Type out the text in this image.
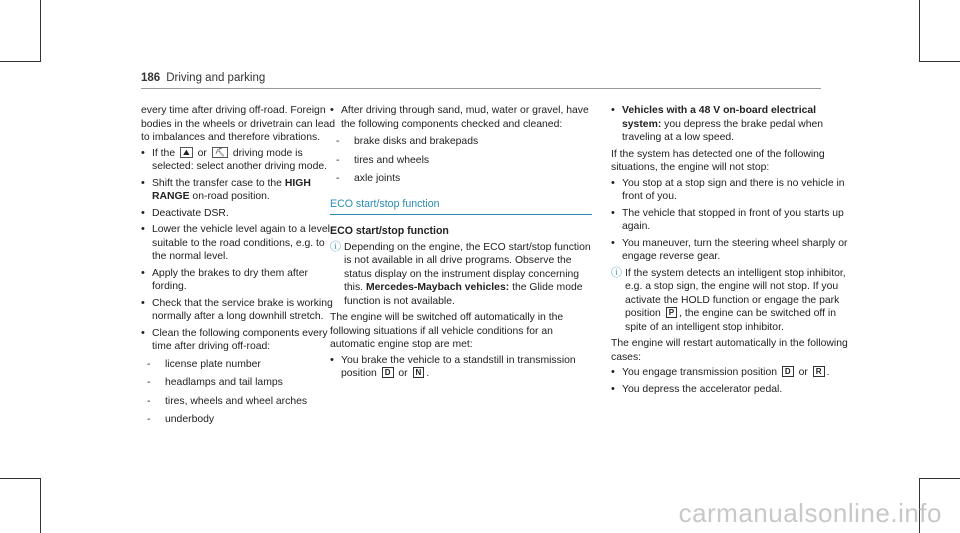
186 Driving and parking

every time after driving off-road. Foreign bodies in the wheels or drivetrain can lead to imbalances and therefore vibrations.

• If the ⛰ or ⛏ driving mode is selected: select another driving mode.
• Shift the transfer case to the HIGH RANGE on-road position.
• Deactivate DSR.
• Lower the vehicle level again to a level suitable to the road conditions, e.g. to the normal level.
• Apply the brakes to dry them after fording.
• Check that the service brake is working normally after a long downhill stretch.
• Clean the following components every time after driving off-road:
- license plate number
- headlamps and tail lamps
- tires, wheels and wheel arches
- underbody
• After driving through sand, mud, water or gravel, have the following components checked and cleaned:
- brake disks and brakepads
- tires and wheels
- axle joints
ECO start/stop function
ECO start/stop function
ⓘ Depending on the engine, the ECO start/stop function is not available in all drive programs. Observe the status display on the instrument display concerning this. Mercedes-Maybach vehicles: the Glide mode function is not available.

The engine will be switched off automatically in the following situations if all vehicle conditions for an automatic engine stop are met:

• You brake the vehicle to a standstill in transmission position D or N .
• Vehicles with a 48 V on-board electrical system: you depress the brake pedal when traveling at a low speed.

If the system has detected one of the following situations, the engine will not stop:

• You stop at a stop sign and there is no vehicle in front of you.
• The vehicle that stopped in front of you starts up again.
• You maneuver, turn the steering wheel sharply or engage reverse gear.
ⓘ If the system detects an intelligent stop inhibitor, e.g. a stop sign, the engine will not stop. If you activate the HOLD function or engage the park position P , the engine can be switched off in spite of an intelligent stop inhibitor.

The engine will restart automatically in the following cases:

• You engage transmission position D or R .
• You depress the accelerator pedal.
carmanualsonline.info
